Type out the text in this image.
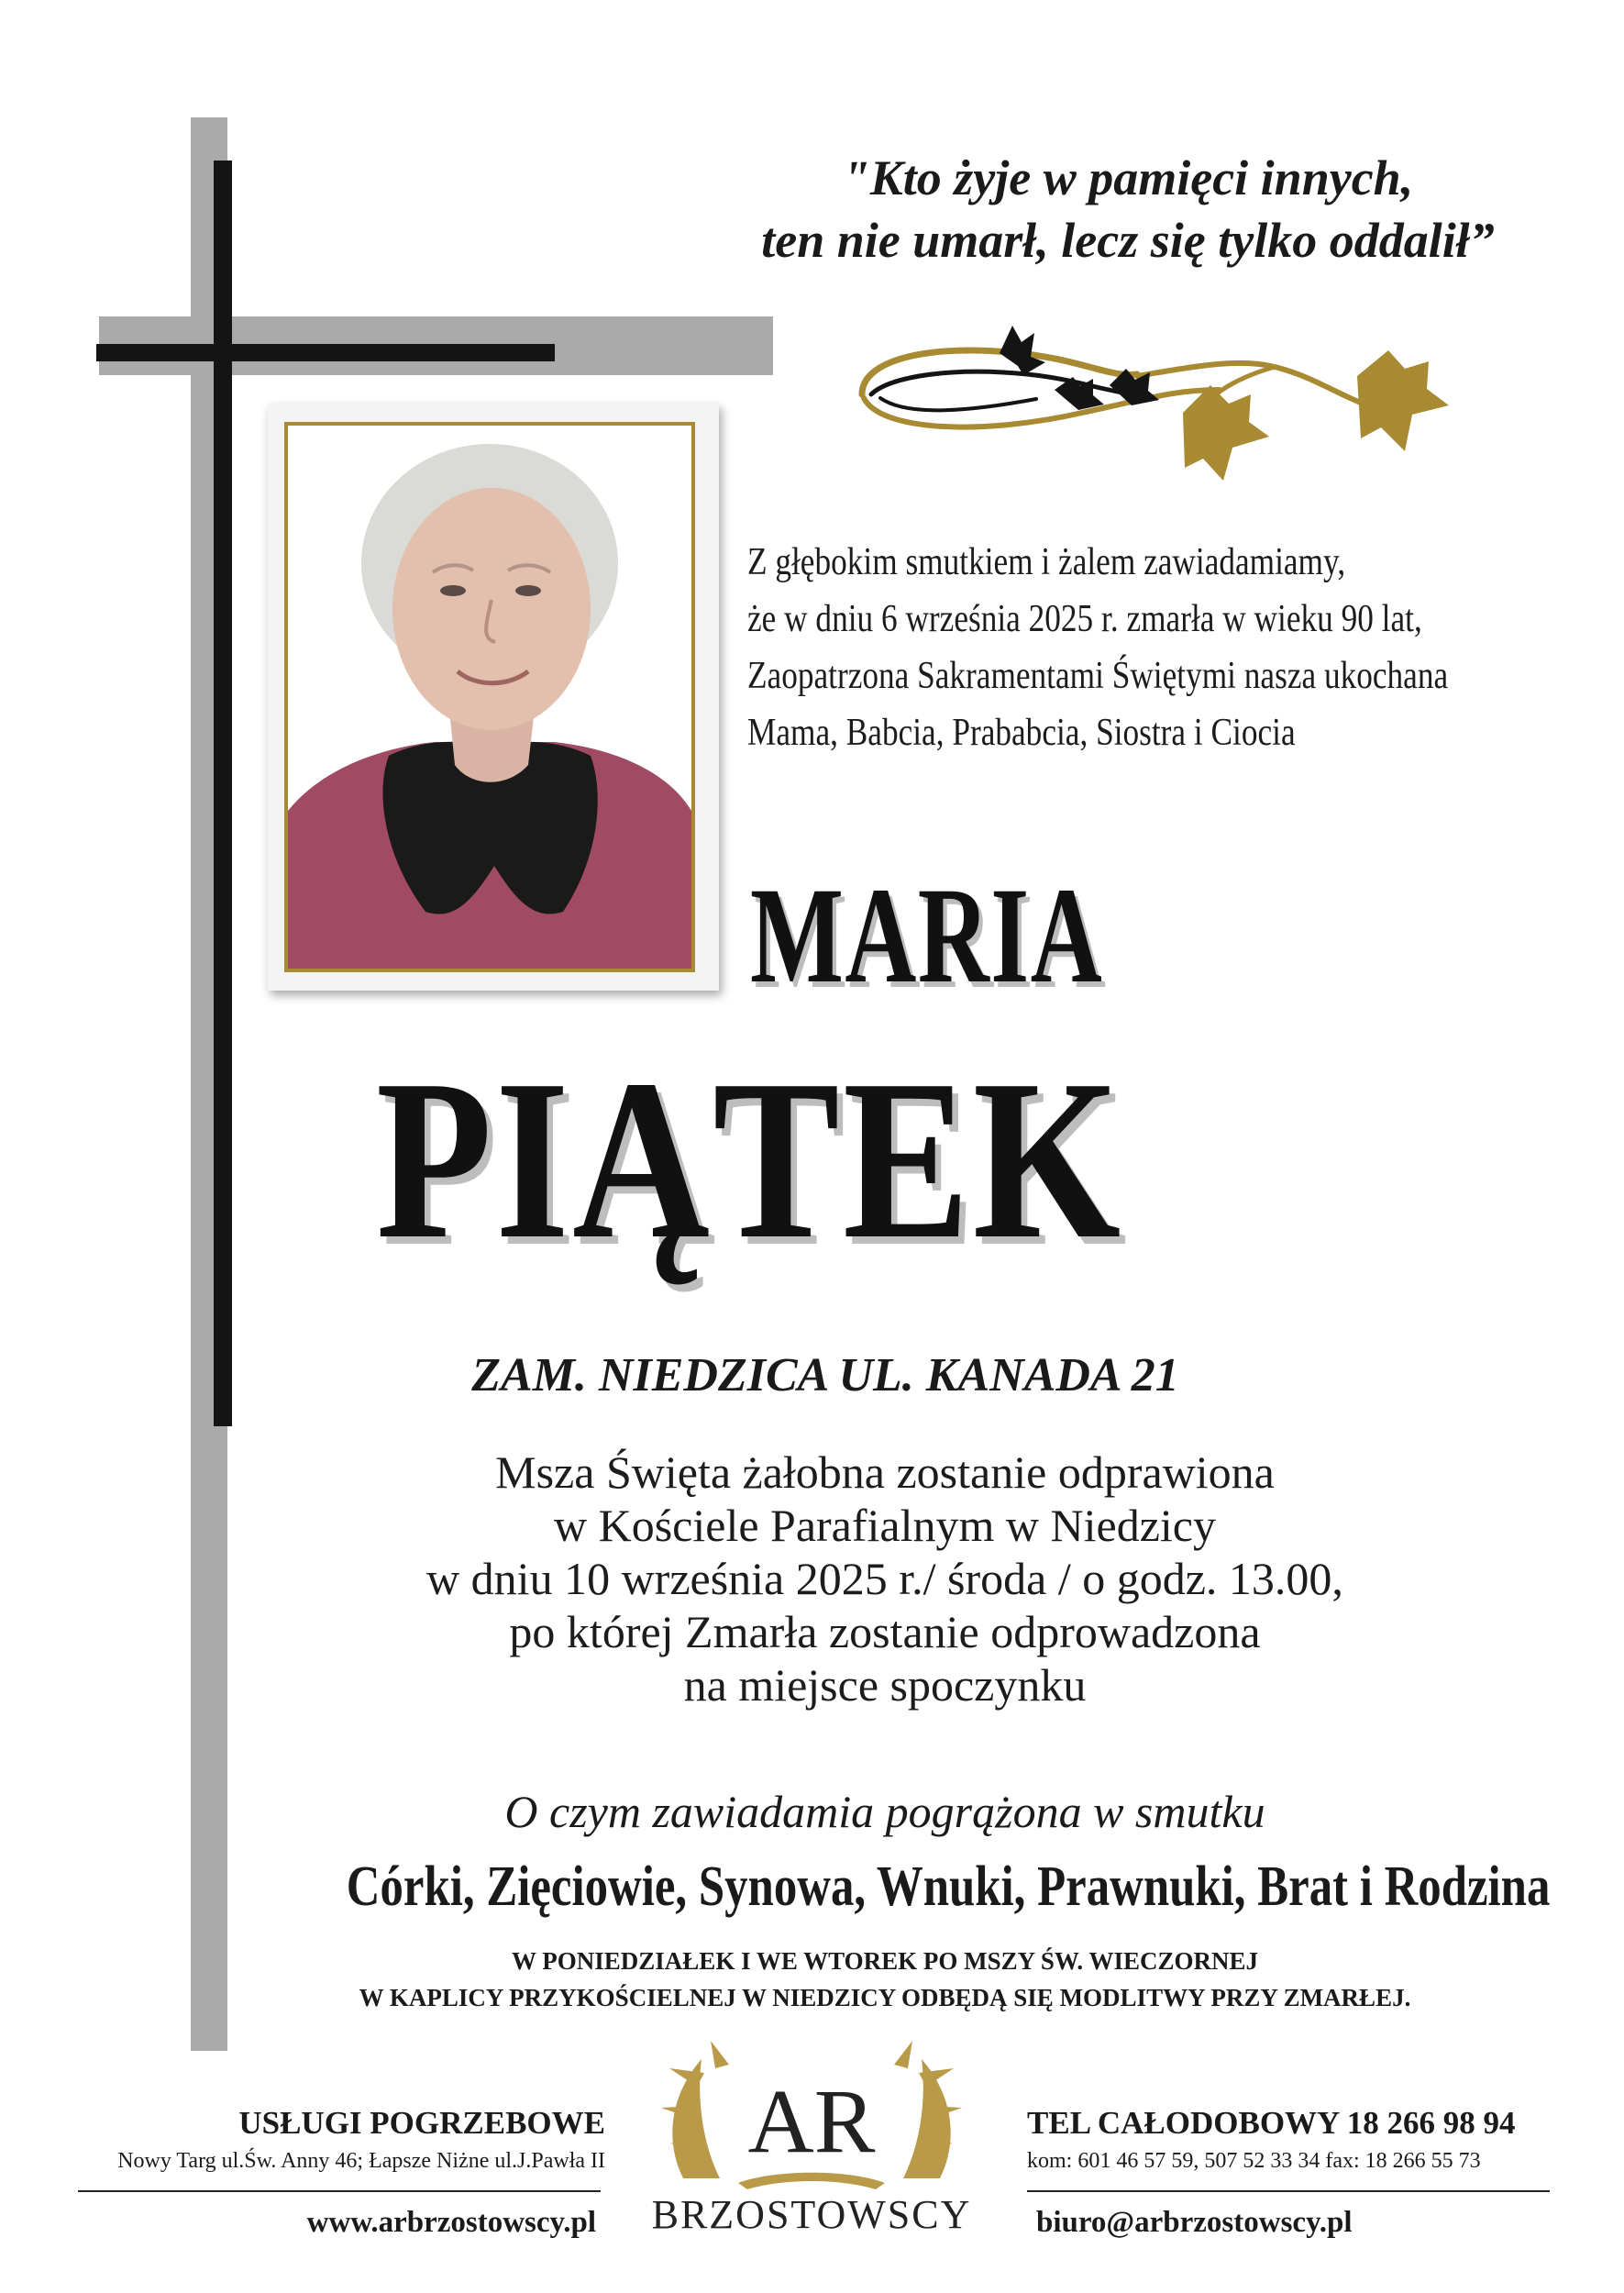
"Kto żyje w pamięci innych,
ten nie umarł, lecz się tylko oddalił”
Z głębokim smutkiem i żalem zawiadamiamy,
że w dniu 6 września 2025 r. zmarła w wieku 90 lat,
Zaopatrzona Sakramentami Świętymi nasza ukochana
Mama, Babcia, Prababcia, Siostra i Ciocia
MARIA
PIĄTEK
ZAM. NIEDZICA UL. KANADA 21
Msza Święta żałobna zostanie odprawiona
w Kościele Parafialnym w Niedzicy
w dniu 10 września 2025 r./ środa / o godz. 13.00,
po której Zmarła zostanie odprowadzona
na miejsce spoczynku
O czym zawiadamia pogrążona w smutku
Córki, Zięciowie, Synowa, Wnuki, Prawnuki, Brat i Rodzina
W PONIEDZIAŁEK I WE WTOREK PO MSZY ŚW. WIECZORNEJ
W KAPLICY PRZYKOŚCIELNEJ W NIEDZICY ODBĘDĄ SIĘ MODLITWY PRZY ZMARŁEJ.
USŁUGI POGRZEBOWE
Nowy Targ ul.Św. Anny 46; Łapsze Niżne ul.J.Pawła II
www.arbrzostowscy.pl
AR
BRZOSTOWSCY
TEL CAŁODOBOWY 18 266 98 94
kom: 601 46 57 59, 507 52 33 34 fax: 18 266 55 73
biuro@arbrzostowscy.pl
